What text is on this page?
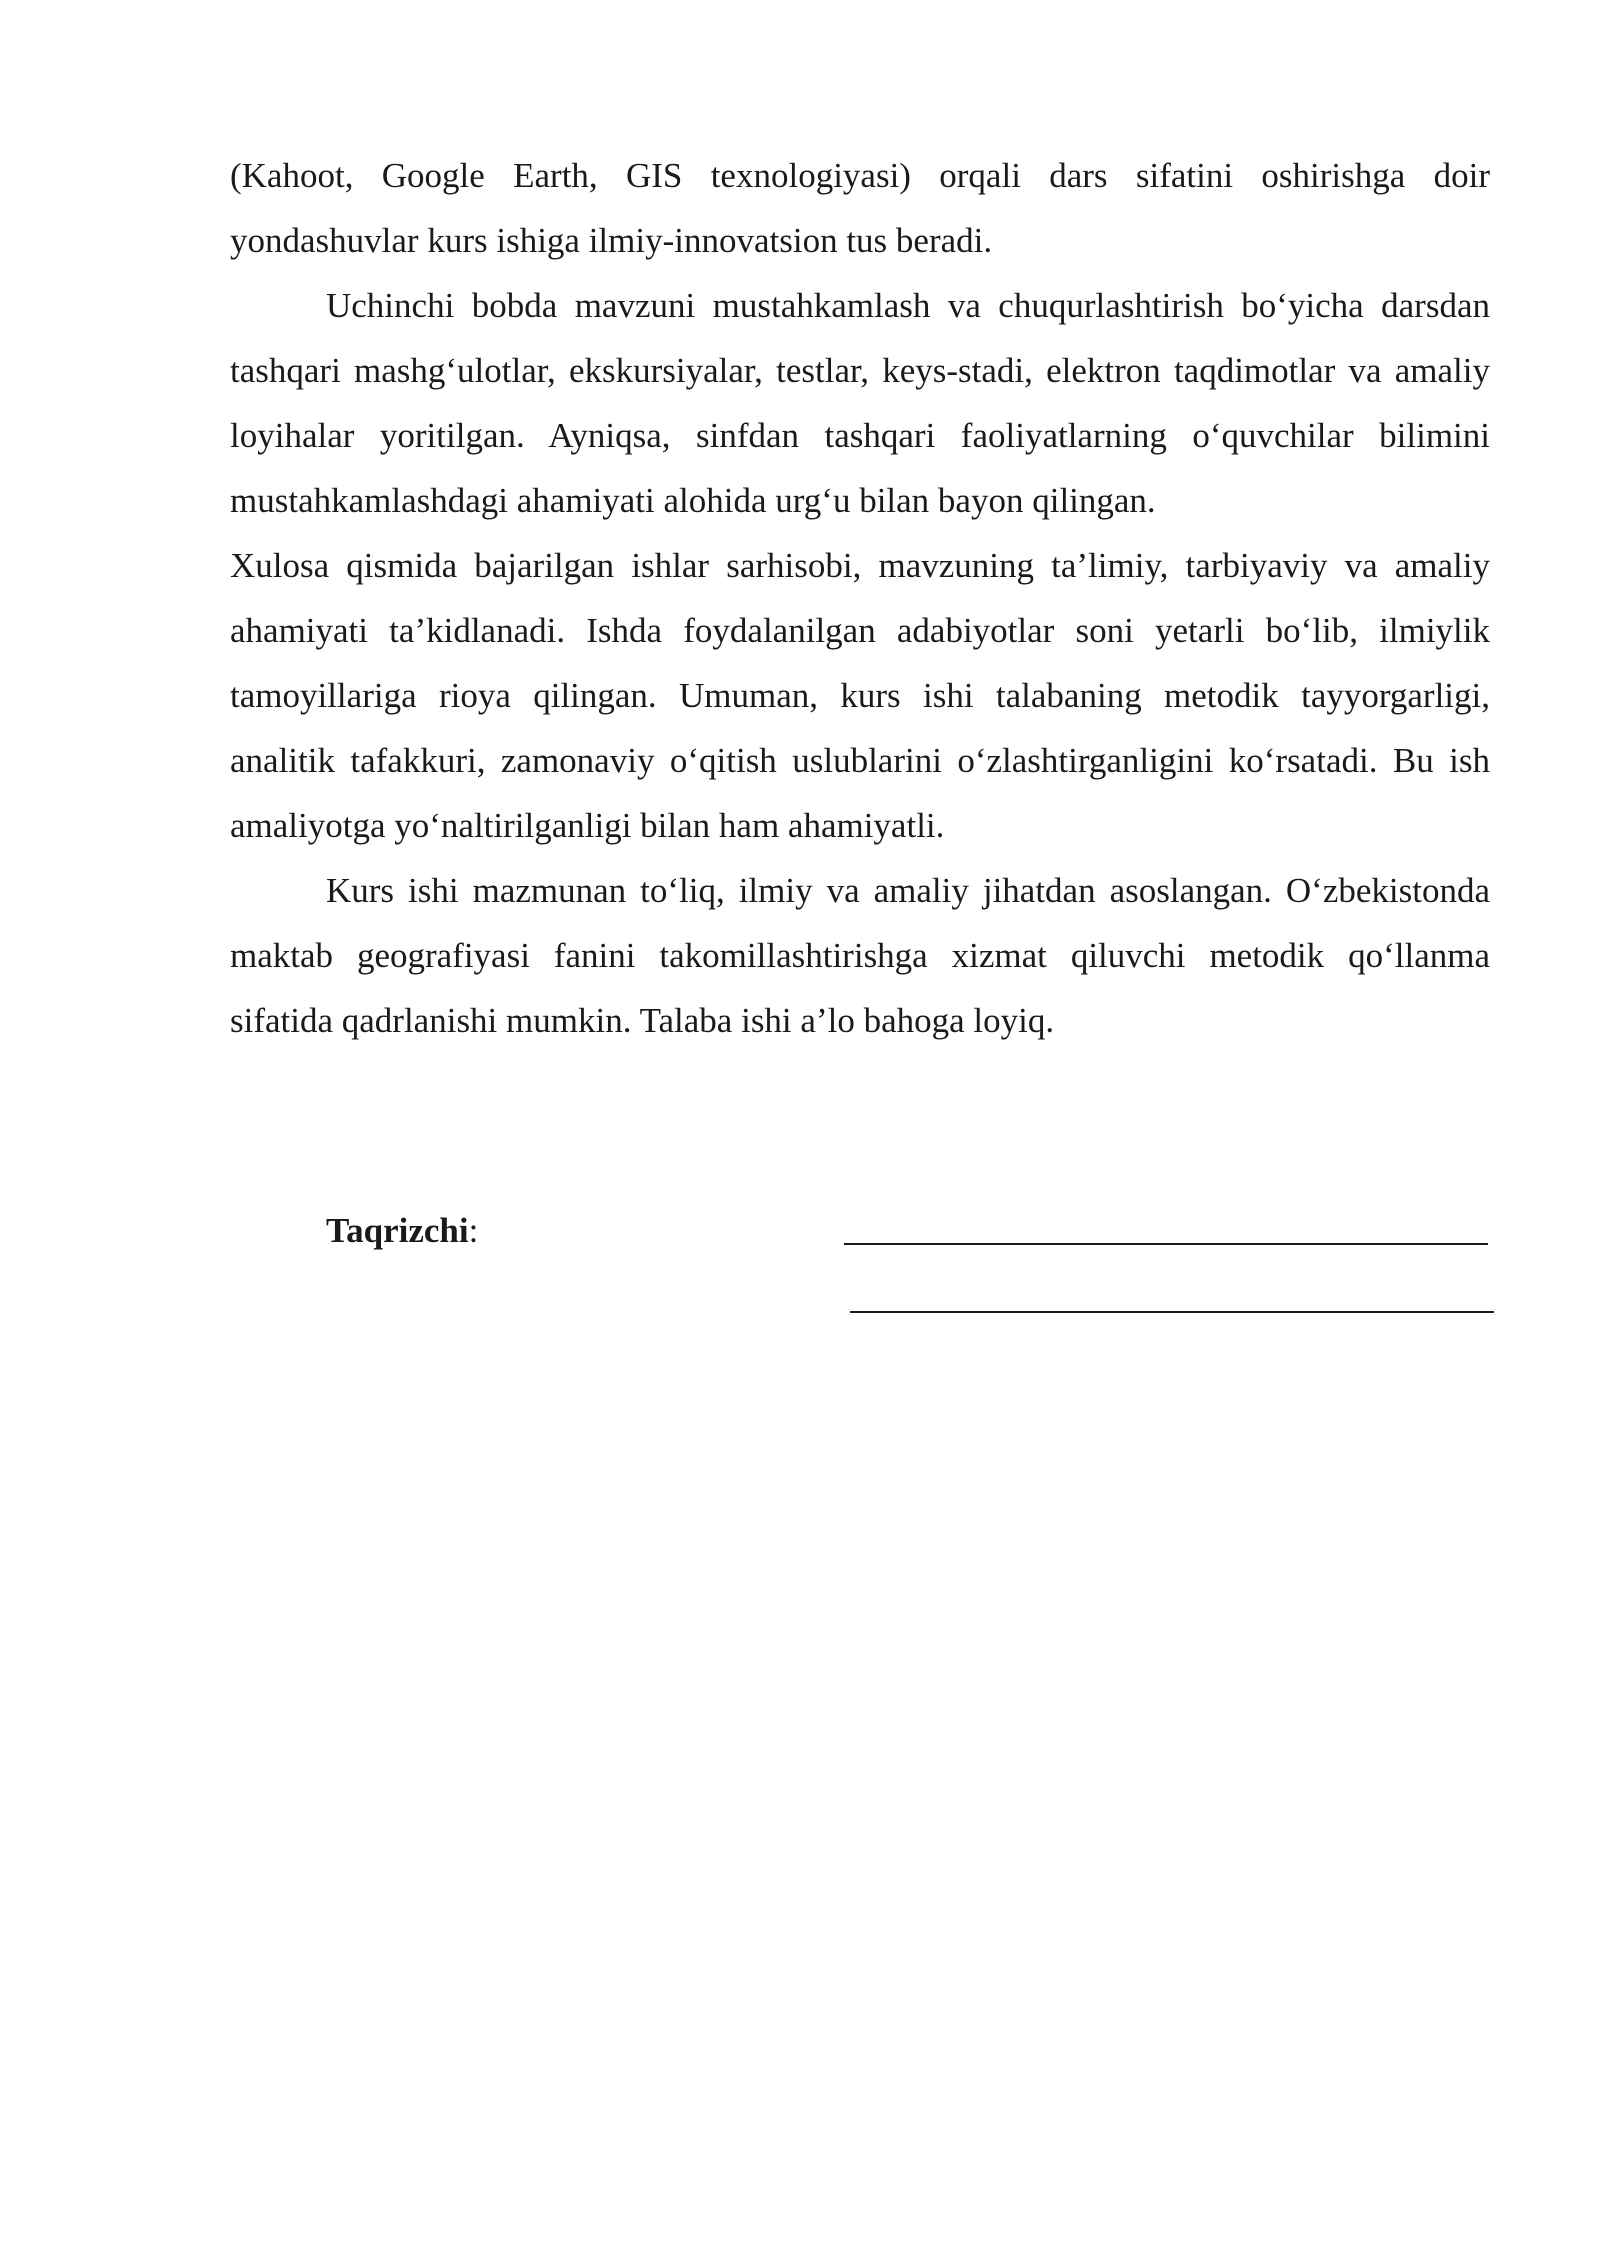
(Kahoot, Google Earth, GIS texnologiyasi) orqali dars sifatini oshirishga doir yondashuvlar kurs ishiga ilmiy-innovatsion tus beradi.

Uchinchi bobda mavzuni mustahkamlash va chuqurlashtirish bo‘yicha darsdan tashqari mashg‘ulotlar, ekskursiyalar, testlar, keys-stadi, elektron taqdimotlar va amaliy loyihalar yoritilgan. Ayniqsa, sinfdan tashqari faoliyatlarning o‘quvchilar bilimini mustahkamlashdagi ahamiyati alohida urg‘u bilan bayon qilingan.

Xulosa qismida bajarilgan ishlar sarhisobi, mavzuning ta’limiy, tarbiyaviy va amaliy ahamiyati ta’kidlanadi. Ishda foydalanilgan adabiyotlar soni yetarli bo‘lib, ilmiylik tamoyillariga rioya qilingan. Umuman, kurs ishi talabaning metodik tayyorgarligi, analitik tafakkuri, zamonaviy o‘qitish uslublarini o‘zlashtirganligini ko‘rsatadi. Bu ish amaliyotga yo‘naltirilganligi bilan ham ahamiyatli.

Kurs ishi mazmunan to‘liq, ilmiy va amaliy jihatdan asoslangan. O‘zbekistonda maktab geografiyasi fanini takomillashtirishga xizmat qiluvchi metodik qo‘llanma sifatida qadrlanishi mumkin. Talaba ishi a’lo bahoga loyiq.

Taqrizchi:
